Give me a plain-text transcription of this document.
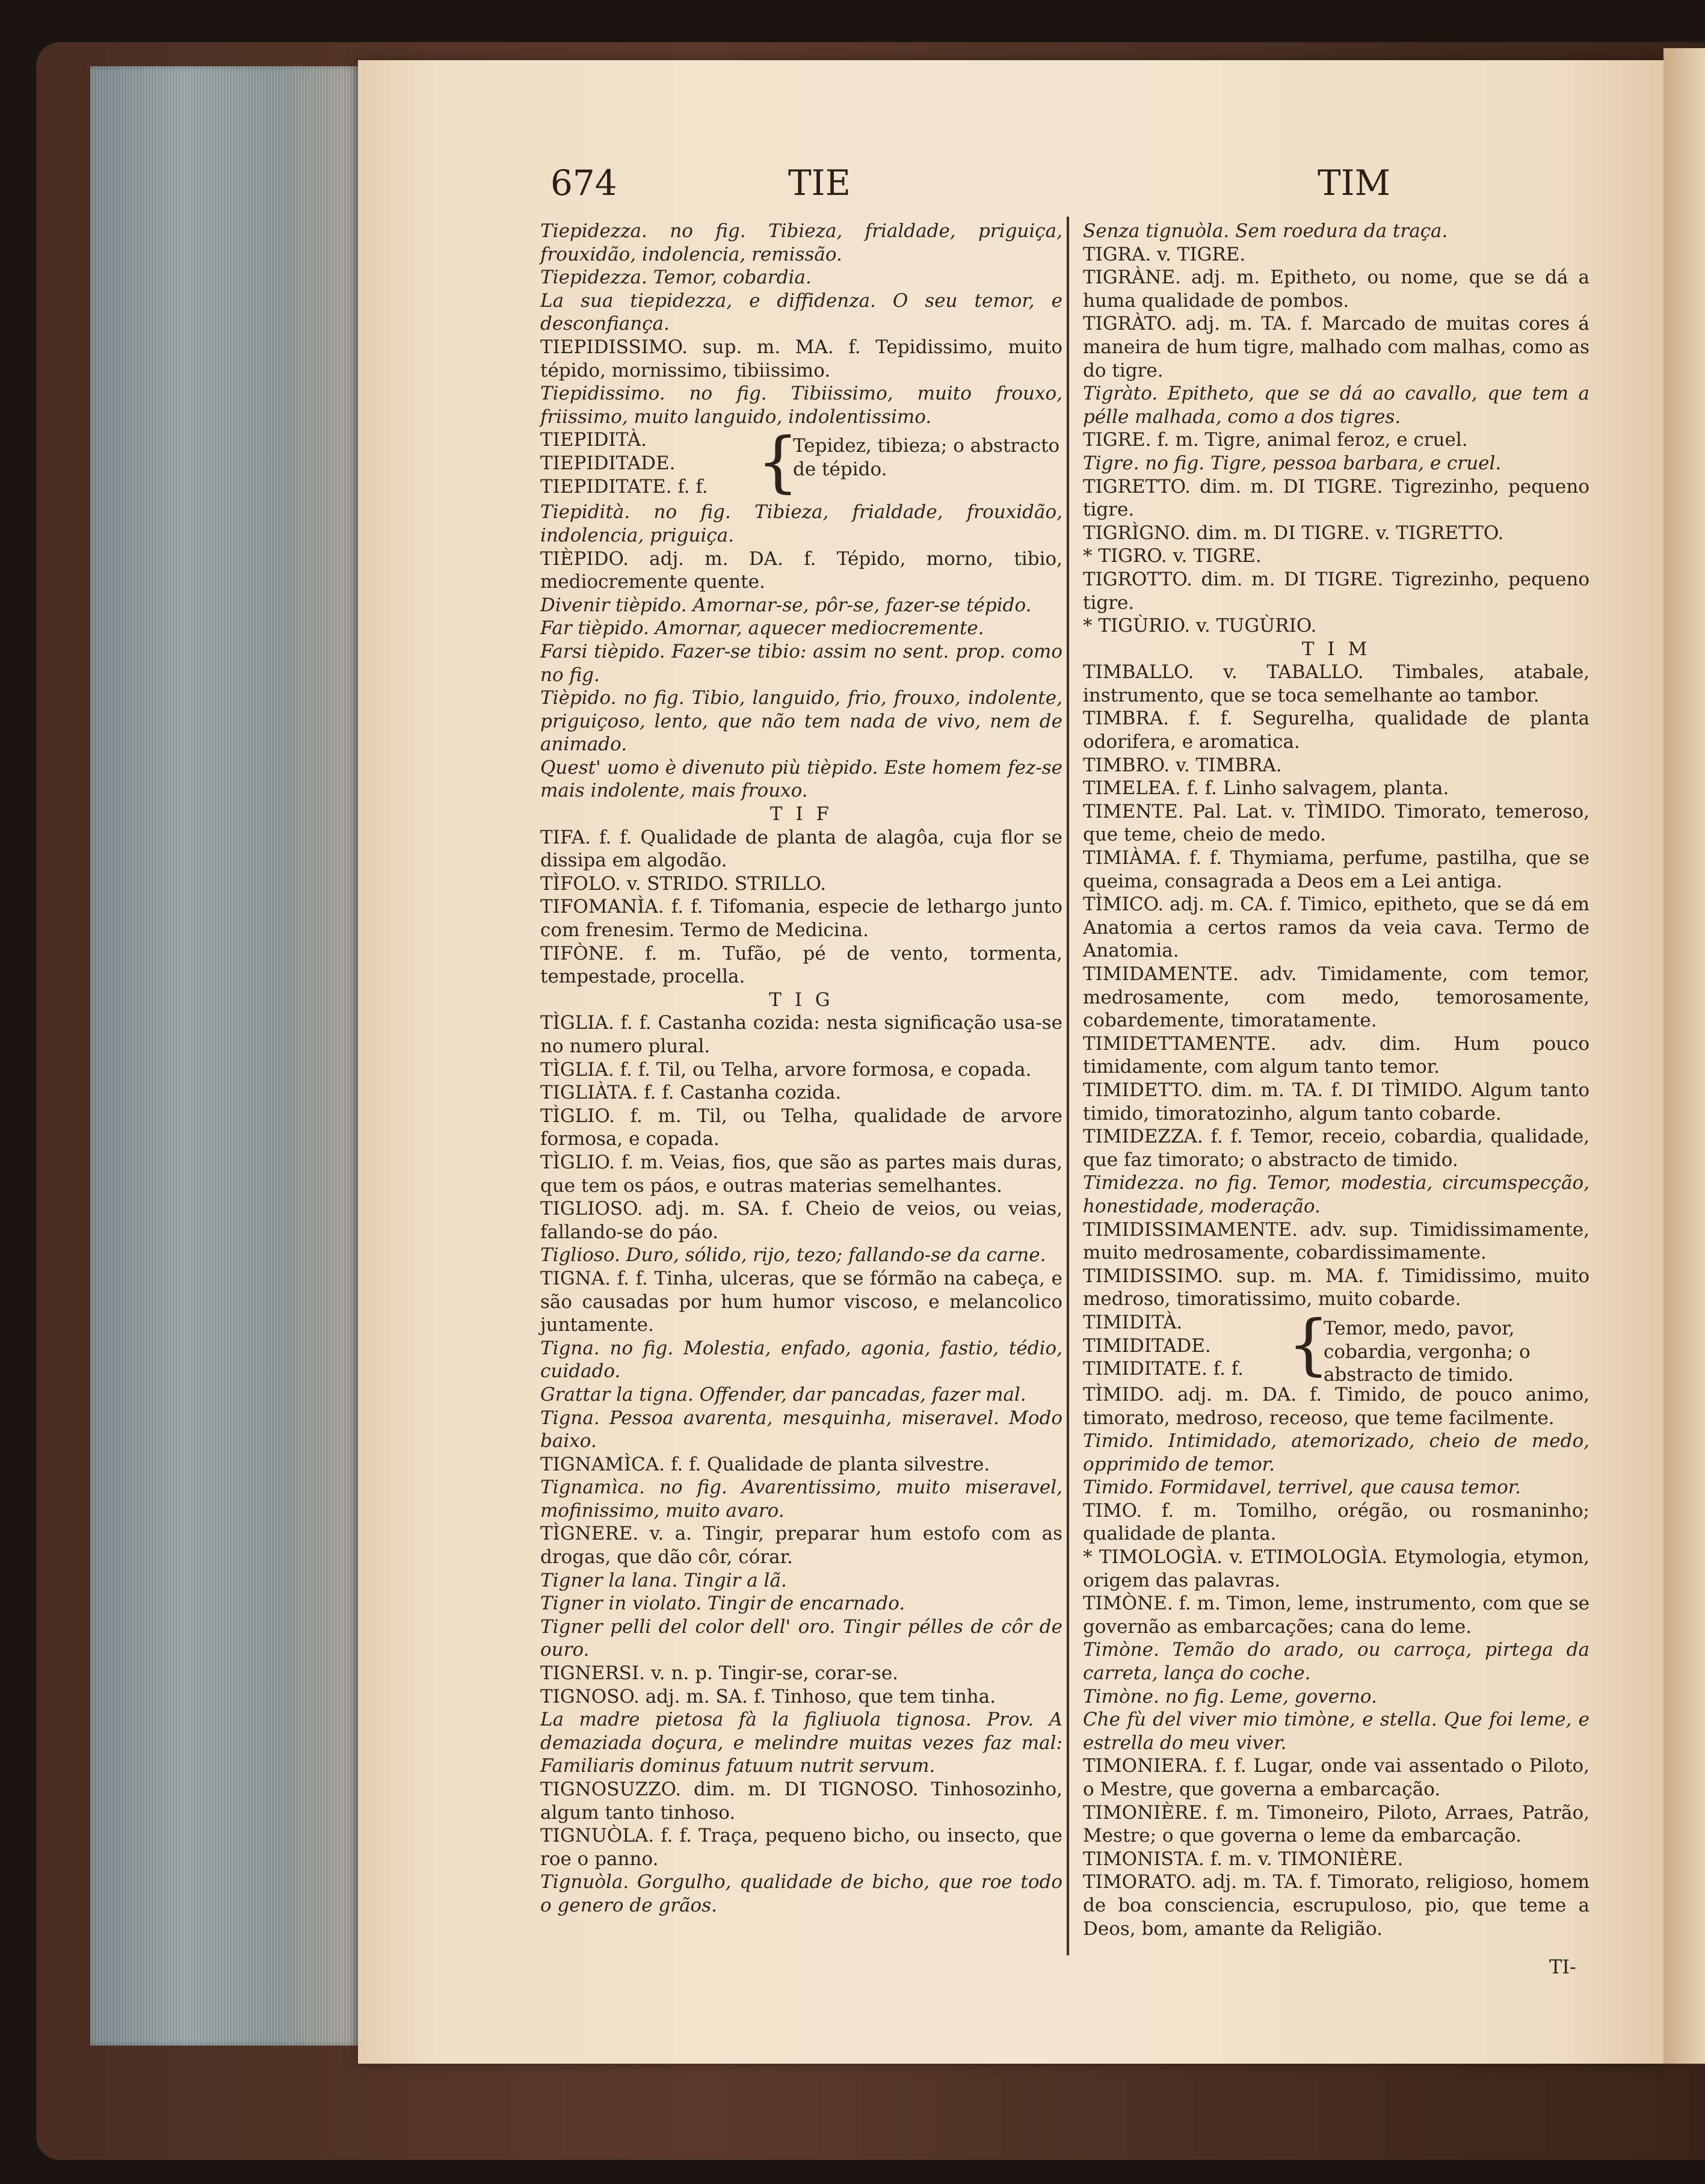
674	TIE	TIM

Tiepidezza. no fig. Tibieza, frialdade, priguiça, frouxidão, indolencia, remissão.

Tiepidezza. Temor, cobardia.

La sua tiepidezza, e diffidenza. O seu temor, e desconfiança.

TIEPIDISSIMO. sup. m. MA. f. Tepidissimo, muito tépido, mornissimo, tibiissimo.

Tiepidissimo. no fig. Tibiissimo, muito frouxo, friissimo, muito languido, indolentissimo.

TIEPIDITÀ.
TIEPIDITADE.
TIEPIDITATE. f. f. {
Tepidez, tibieza; o abstracto de tépido.

Tiepidità. no fig. Tibieza, frialdade, frouxidão, indolencia, priguiça.

TIÈPIDO. adj. m. DA. f. Tépido, morno, tibio, mediocremente quente.

Divenir tièpido. Amornar-se, pôr-se, fazer-se tépido.

Far tièpido. Amornar, aquecer mediocremente.

Farsi tièpido. Fazer-se tibio: assim no sent. prop. como no fig.

Tièpido. no fig. Tibio, languido, frio, frouxo, indolente, priguiçoso, lento, que não tem nada de vivo, nem de animado.

Quest' uomo è divenuto più tièpido. Este homem fez-se mais indolente, mais frouxo.

T I F

TIFA. f. f. Qualidade de planta de alagôa, cuja flor se dissipa em algodão.

TÌFOLO. v. STRIDO. STRILLO.

TIFOMANÌA. f. f. Tifomania, especie de lethargo junto com frenesim. Termo de Medicina.

TIFÒNE. f. m. Tufão, pé de vento, tormenta, tempestade, procella.

T I G

TÌGLIA. f. f. Castanha cozida: nesta significação usa-se no numero plural.

TÌGLIA. f. f. Til, ou Telha, arvore formosa, e copada.

TIGLIÀTA. f. f. Castanha cozida.

TÌGLIO. f. m. Til, ou Telha, qualidade de arvore formosa, e copada.

TÌGLIO. f. m. Veias, fios, que são as partes mais duras, que tem os páos, e outras materias semelhantes.

TIGLIOSO. adj. m. SA. f. Cheio de veios, ou veias, fallando-se do páo.

Tiglioso. Duro, sólido, rijo, tezo; fallando-se da carne.

TIGNA. f. f. Tinha, ulceras, que se fórmão na cabeça, e são causadas por hum humor viscoso, e melancolico juntamente.

Tigna. no fig. Molestia, enfado, agonia, fastio, tédio, cuidado.

Grattar la tigna. Offender, dar pancadas, fazer mal.

Tigna. Pessoa avarenta, mesquinha, miseravel. Modo baixo.

TIGNAMÌCA. f. f. Qualidade de planta silvestre.

Tignamìca. no fig. Avarentissimo, muito miseravel, mofinissimo, muito avaro.

TÌGNERE. v. a. Tingir, preparar hum estofo com as drogas, que dão côr, córar.

Tigner la lana. Tingir a lã.

Tigner in violato. Tingir de encarnado.

Tigner pelli del color dell' oro. Tingir pélles de côr de ouro.

TIGNERSI. v. n. p. Tingir-se, corar-se.

TIGNOSO. adj. m. SA. f. Tinhoso, que tem tinha.

La madre pietosa fà la figliuola tignosa. Prov. A demaziada doçura, e melindre muitas vezes faz mal: Familiaris dominus fatuum nutrit servum.

TIGNOSUZZO. dim. m. DI TIGNOSO. Tinhosozinho, algum tanto tinhoso.

TIGNUÒLA. f. f. Traça, pequeno bicho, ou insecto, que roe o panno.

Tignuòla. Gorgulho, qualidade de bicho, que roe todo o genero de grãos.

Senza tignuòla. Sem roedura da traça.

TIGRA. v. TIGRE.

TIGRÀNE. adj. m. Epitheto, ou nome, que se dá a huma qualidade de pombos.

TIGRÀTO. adj. m. TA. f. Marcado de muitas cores á maneira de hum tigre, malhado com malhas, como as do tigre.

Tigràto. Epitheto, que se dá ao cavallo, que tem a pélle malhada, como a dos tigres.

TIGRE. f. m. Tigre, animal feroz, e cruel.

Tigre. no fig. Tigre, pessoa barbara, e cruel.

TIGRETTO. dim. m. DI TIGRE. Tigrezinho, pequeno tigre.

TIGRÌGNO. dim. m. DI TIGRE. v. TIGRETTO.

* TIGRO. v. TIGRE.

TIGROTTO. dim. m. DI TIGRE. Tigrezinho, pequeno tigre.

* TIGÙRIO. v. TUGÙRIO.

T I M

TIMBALLO. v. TABALLO. Timbales, atabale, instrumento, que se toca semelhante ao tambor.

TIMBRA. f. f. Segurelha, qualidade de planta odorifera, e aromatica.

TIMBRO. v. TIMBRA.

TIMELEA. f. f. Linho salvagem, planta.

TIMENTE. Pal. Lat. v. TÌMIDO. Timorato, temeroso, que teme, cheio de medo.

TIMIÀMA. f. f. Thymiama, perfume, pastilha, que se queima, consagrada a Deos em a Lei antiga.

TÌMICO. adj. m. CA. f. Timico, epitheto, que se dá em Anatomia a certos ramos da veia cava. Termo de Anatomia.

TIMIDAMENTE. adv. Timidamente, com temor, medrosamente, com medo, temorosamente, cobardemente, timoratamente.

TIMIDETTAMENTE. adv. dim. Hum pouco timidamente, com algum tanto temor.

TIMIDETTO. dim. m. TA. f. DI TÌMIDO. Algum tanto timido, timoratozinho, algum tanto cobarde.

TIMIDEZZA. f. f. Temor, receio, cobardia, qualidade, que faz timorato; o abstracto de timido.

Timidezza. no fig. Temor, modestia, circumspecção, honestidade, moderação.

TIMIDISSIMAMENTE. adv. sup. Timidissimamente, muito medrosamente, cobardissimamente.

TIMIDISSIMO. sup. m. MA. f. Timidissimo, muito medroso, timoratissimo, muito cobarde.

TIMIDITÀ.
TIMIDITADE.
TIMIDITATE. f. f. {
Temor, medo, pavor, cobardia, vergonha; o abstracto de timido.

TÌMIDO. adj. m. DA. f. Timido, de pouco animo, timorato, medroso, receoso, que teme facilmente.

Timido. Intimidado, atemorizado, cheio de medo, opprimido de temor.

Timido. Formidavel, terrivel, que causa temor.

TIMO. f. m. Tomilho, orégão, ou rosmaninho; qualidade de planta.

* TIMOLOGÌA. v. ETIMOLOGÌA. Etymologia, etymon, origem das palavras.

TIMÒNE. f. m. Timon, leme, instrumento, com que se governão as embarcações; cana do leme.

Timòne. Temão do arado, ou carroça, pirtega da carreta, lança do coche.

Timòne. no fig. Leme, governo.

Che fù del viver mio timòne, e stella. Que foi leme, e estrella do meu viver.

TIMONIERA. f. f. Lugar, onde vai assentado o Piloto, o Mestre, que governa a embarcação.

TIMONIÈRE. f. m. Timoneiro, Piloto, Arraes, Patrão, Mestre; o que governa o leme da embarcação.

TIMONISTA. f. m. v. TIMONIÈRE.

TIMORATO. adj. m. TA. f. Timorato, religioso, homem de boa consciencia, escrupuloso, pio, que teme a Deos, bom, amante da Religião.

TI-
